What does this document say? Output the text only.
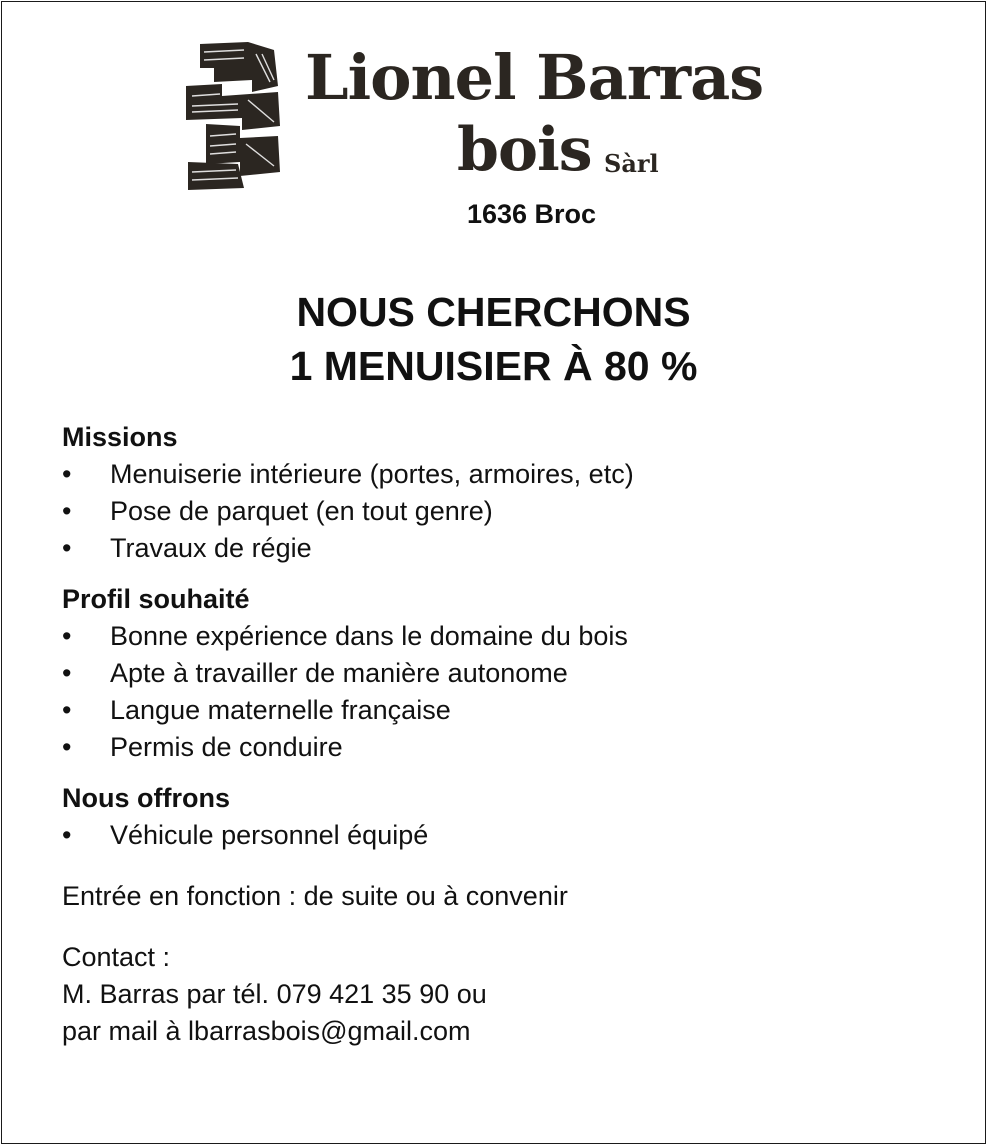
Lionel Barras

bois Sàrl

1636 Broc
NOUS CHERCHONS
1 MENUISIER À 80 %

Missions

• Menuiserie intérieure (portes, armoires, etc)
• Pose de parquet (en tout genre)
• Travaux de régie

Profil souhaité

• Bonne expérience dans le domaine du bois
• Apte à travailler de manière autonome
• Langue maternelle française
• Permis de conduire

Nous offrons

• Véhicule personnel équipé

Entrée en fonction : de suite ou à convenir

Contact :

M. Barras par tél. 079 421 35 90 ou

par mail à lbarrasbois@gmail.com
